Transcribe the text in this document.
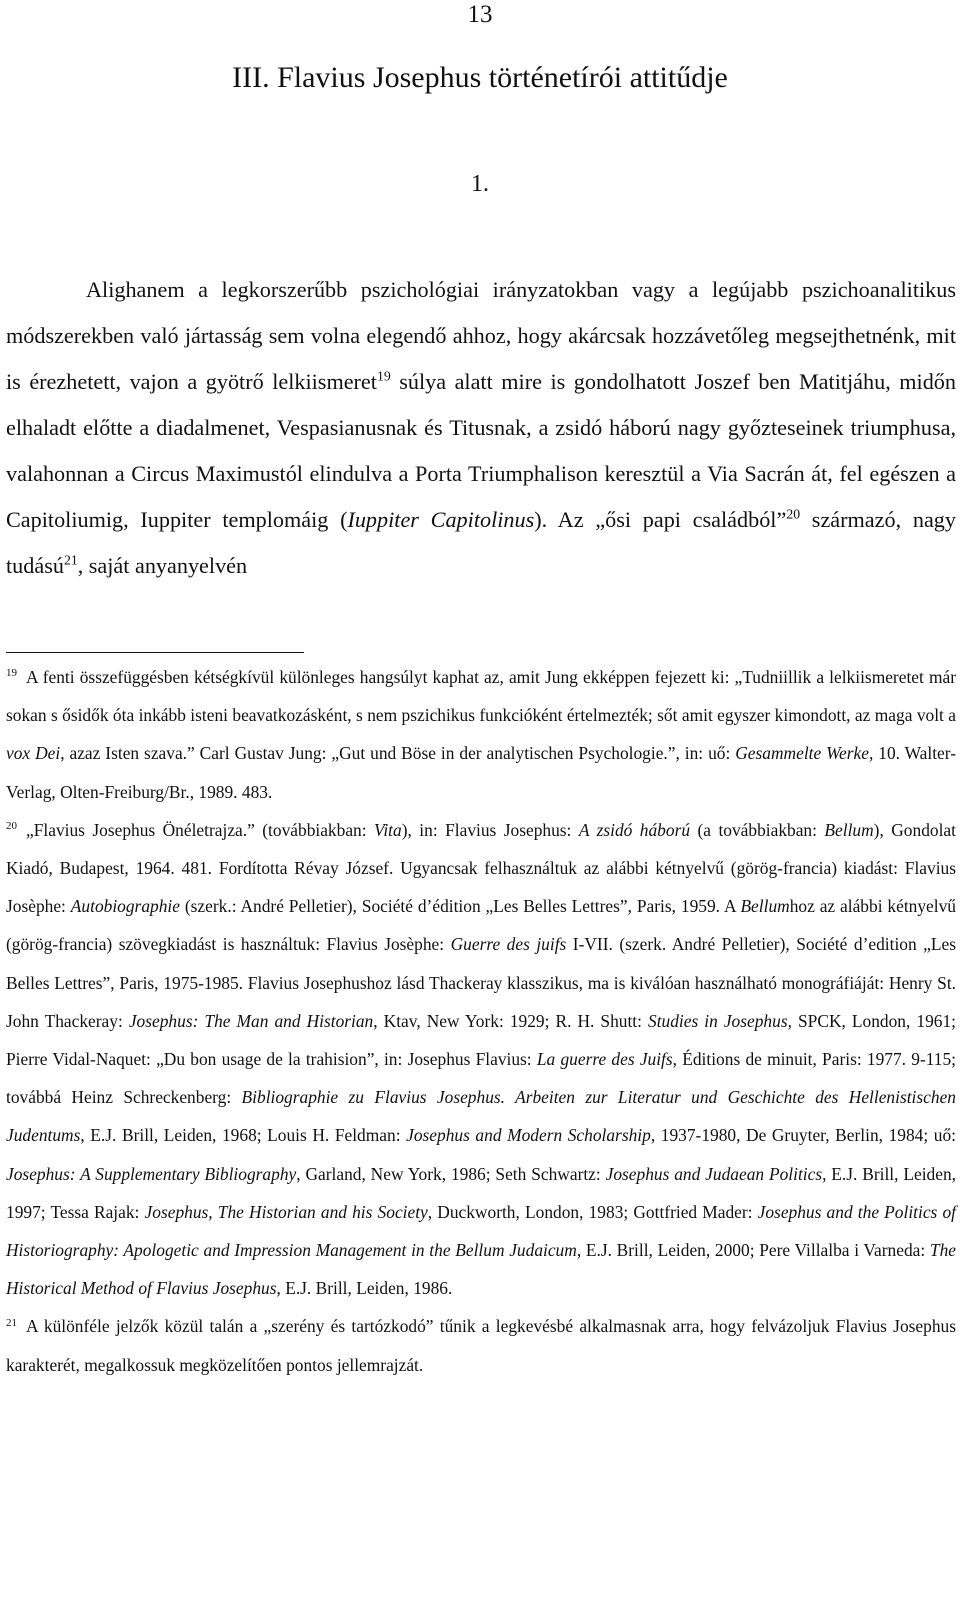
13
III. Flavius Josephus történetírói attitűdje
1.

Alighanem a legkorszerűbb pszichológiai irányzatokban vagy a legújabb pszichoanalitikus módszerekben való jártasság sem volna elegendő ahhoz, hogy akárcsak hozzávetőleg megsejthetnénk, mit is érezhetett, vajon a gyötrő lelkiismeret$^{19}$ súlya alatt mire is gondolhatott Joszef ben Matitjáhu, midőn elhaladt előtte a diadalmenet, Vespasianusnak és Titusnak, a zsidó háború nagy győzteseinek triumphusa, valahonnan a Circus Maximustól elindulva a Porta Triumphalison keresztül a Via Sacrán át, fel egészen a Capitoliumig, Iuppiter templomáig (Iuppiter Capitolinus). Az „ősi papi családból”$^{20}$ származó, nagy tudású$^{21}$, saját anyanyelvén

$^{19}$ A fenti összefüggésben kétségkívül különleges hangsúlyt kaphat az, amit Jung ekképpen fejezett ki: „Tudniillik a lelkiismeretet már sokan s ősidők óta inkább isteni beavatkozásként, s nem pszichikus funkcióként értelmezték; sőt amit egyszer kimondott, az maga volt a vox Dei, azaz Isten szava.” Carl Gustav Jung: „Gut und Böse in der analytischen Psychologie.”, in: uő: Gesammelte Werke, 10. Walter-Verlag, Olten-Freiburg/Br., 1989. 483.

$^{20}$ „Flavius Josephus Önéletrajza.” (továbbiakban: Vita), in: Flavius Josephus: A zsidó háború (a továbbiakban: Bellum), Gondolat Kiadó, Budapest, 1964. 481. Fordította Révay József. Ugyancsak felhasználtuk az alábbi kétnyelvű (görög-francia) kiadást: Flavius Josèphe: Autobiographie (szerk.: André Pelletier), Société d’édition „Les Belles Lettres”, Paris, 1959. A Bellumhoz az alábbi kétnyelvű (görög-francia) szövegkiadást is használtuk: Flavius Josèphe: Guerre des juifs I-VII. (szerk. André Pelletier), Société d’edition „Les Belles Lettres”, Paris, 1975-1985. Flavius Josephushoz lásd Thackeray klasszikus, ma is kiválóan használható monográfiáját: Henry St. John Thackeray: Josephus: The Man and Historian, Ktav, New York: 1929; R. H. Shutt: Studies in Josephus, SPCK, London, 1961; Pierre Vidal-Naquet: „Du bon usage de la trahision”, in: Josephus Flavius: La guerre des Juifs, Éditions de minuit, Paris: 1977. 9-115; továbbá Heinz Schreckenberg: Bibliographie zu Flavius Josephus. Arbeiten zur Literatur und Geschichte des Hellenistischen Judentums, E.J. Brill, Leiden, 1968; Louis H. Feldman: Josephus and Modern Scholarship, 1937-1980, De Gruyter, Berlin, 1984; uő: Josephus: A Supplementary Bibliography, Garland, New York, 1986; Seth Schwartz: Josephus and Judaean Politics, E.J. Brill, Leiden, 1997; Tessa Rajak: Josephus, The Historian and his Society, Duckworth, London, 1983; Gottfried Mader: Josephus and the Politics of Historiography: Apologetic and Impression Management in the Bellum Judaicum, E.J. Brill, Leiden, 2000; Pere Villalba i Varneda: The Historical Method of Flavius Josephus, E.J. Brill, Leiden, 1986.

$^{21}$ A különféle jelzők közül talán a „szerény és tartózkodó” tűnik a legkevésbé alkalmasnak arra, hogy felvázoljuk Flavius Josephus karakterét, megalkossuk megközelítően pontos jellemrajzát.
